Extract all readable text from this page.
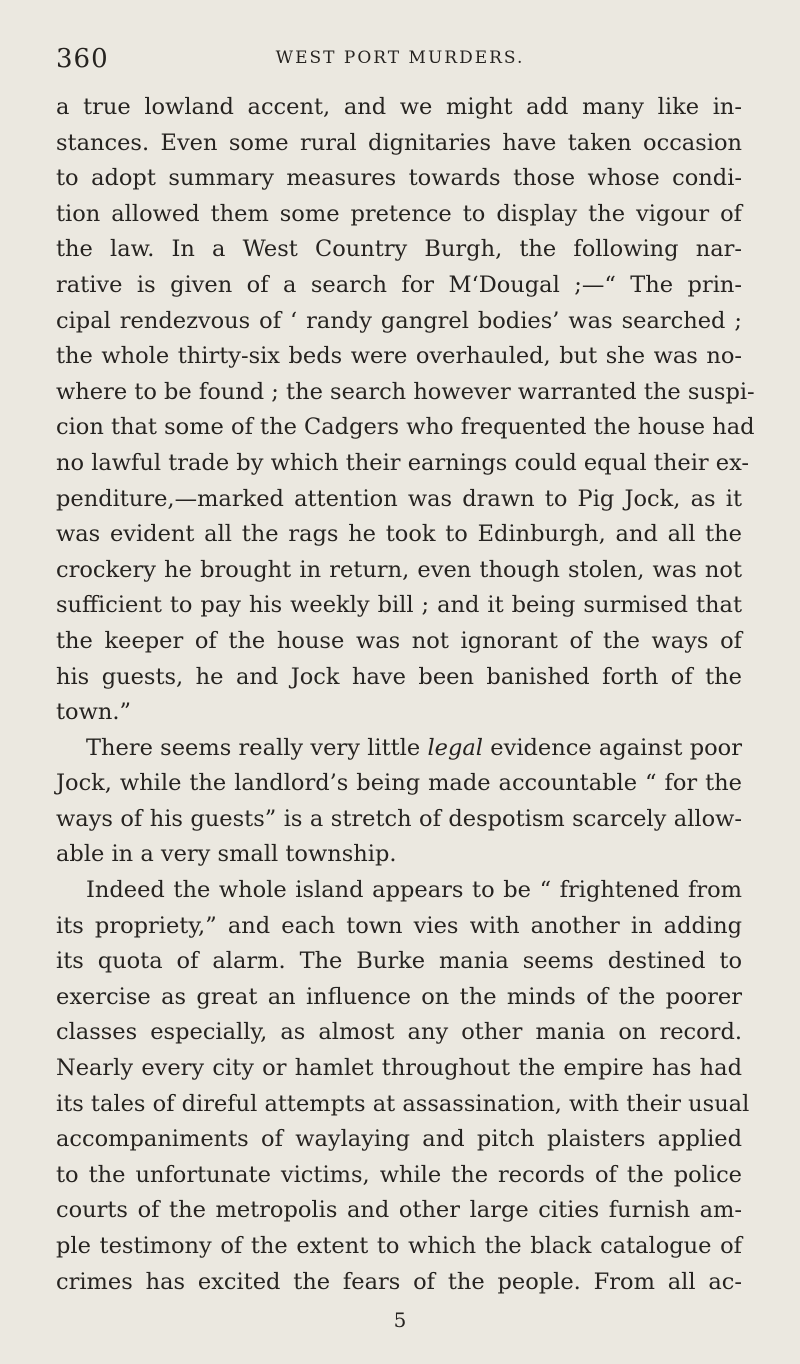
360	WEST PORT MURDERS.
a true lowland accent, and we might add many like in-
stances. Even some rural dignitaries have taken occasion
to adopt summary measures towards those whose condi-
tion allowed them some pretence to display the vigour of
the law. In a West Country Burgh, the following nar-
rative is given of a search for M‘Dougal ;—“ The prin-
cipal rendezvous of ‘ randy gangrel bodies’ was searched ;
the whole thirty-six beds were overhauled, but she was no-
where to be found ; the search however warranted the suspi-
cion that some of the Cadgers who frequented the house had
no lawful trade by which their earnings could equal their ex-
penditure,—marked attention was drawn to Pig Jock, as it
was evident all the rags he took to Edinburgh, and all the
crockery he brought in return, even though stolen, was not
sufficient to pay his weekly bill ; and it being surmised that
the keeper of the house was not ignorant of the ways of
his guests, he and Jock have been banished forth of the
town.”
There seems really very little legal evidence against poor
Jock, while the landlord’s being made accountable “ for the
ways of his guests” is a stretch of despotism scarcely allow-
able in a very small township.
Indeed the whole island appears to be “ frightened from
its propriety,” and each town vies with another in adding
its quota of alarm. The Burke mania seems destined to
exercise as great an influence on the minds of the poorer
classes especially, as almost any other mania on record.
Nearly every city or hamlet throughout the empire has had
its tales of direful attempts at assassination, with their usual
accompaniments of waylaying and pitch plaisters applied
to the unfortunate victims, while the records of the police
courts of the metropolis and other large cities furnish am-
ple testimony of the extent to which the black catalogue of
crimes has excited the fears of the people. From all ac-
5
